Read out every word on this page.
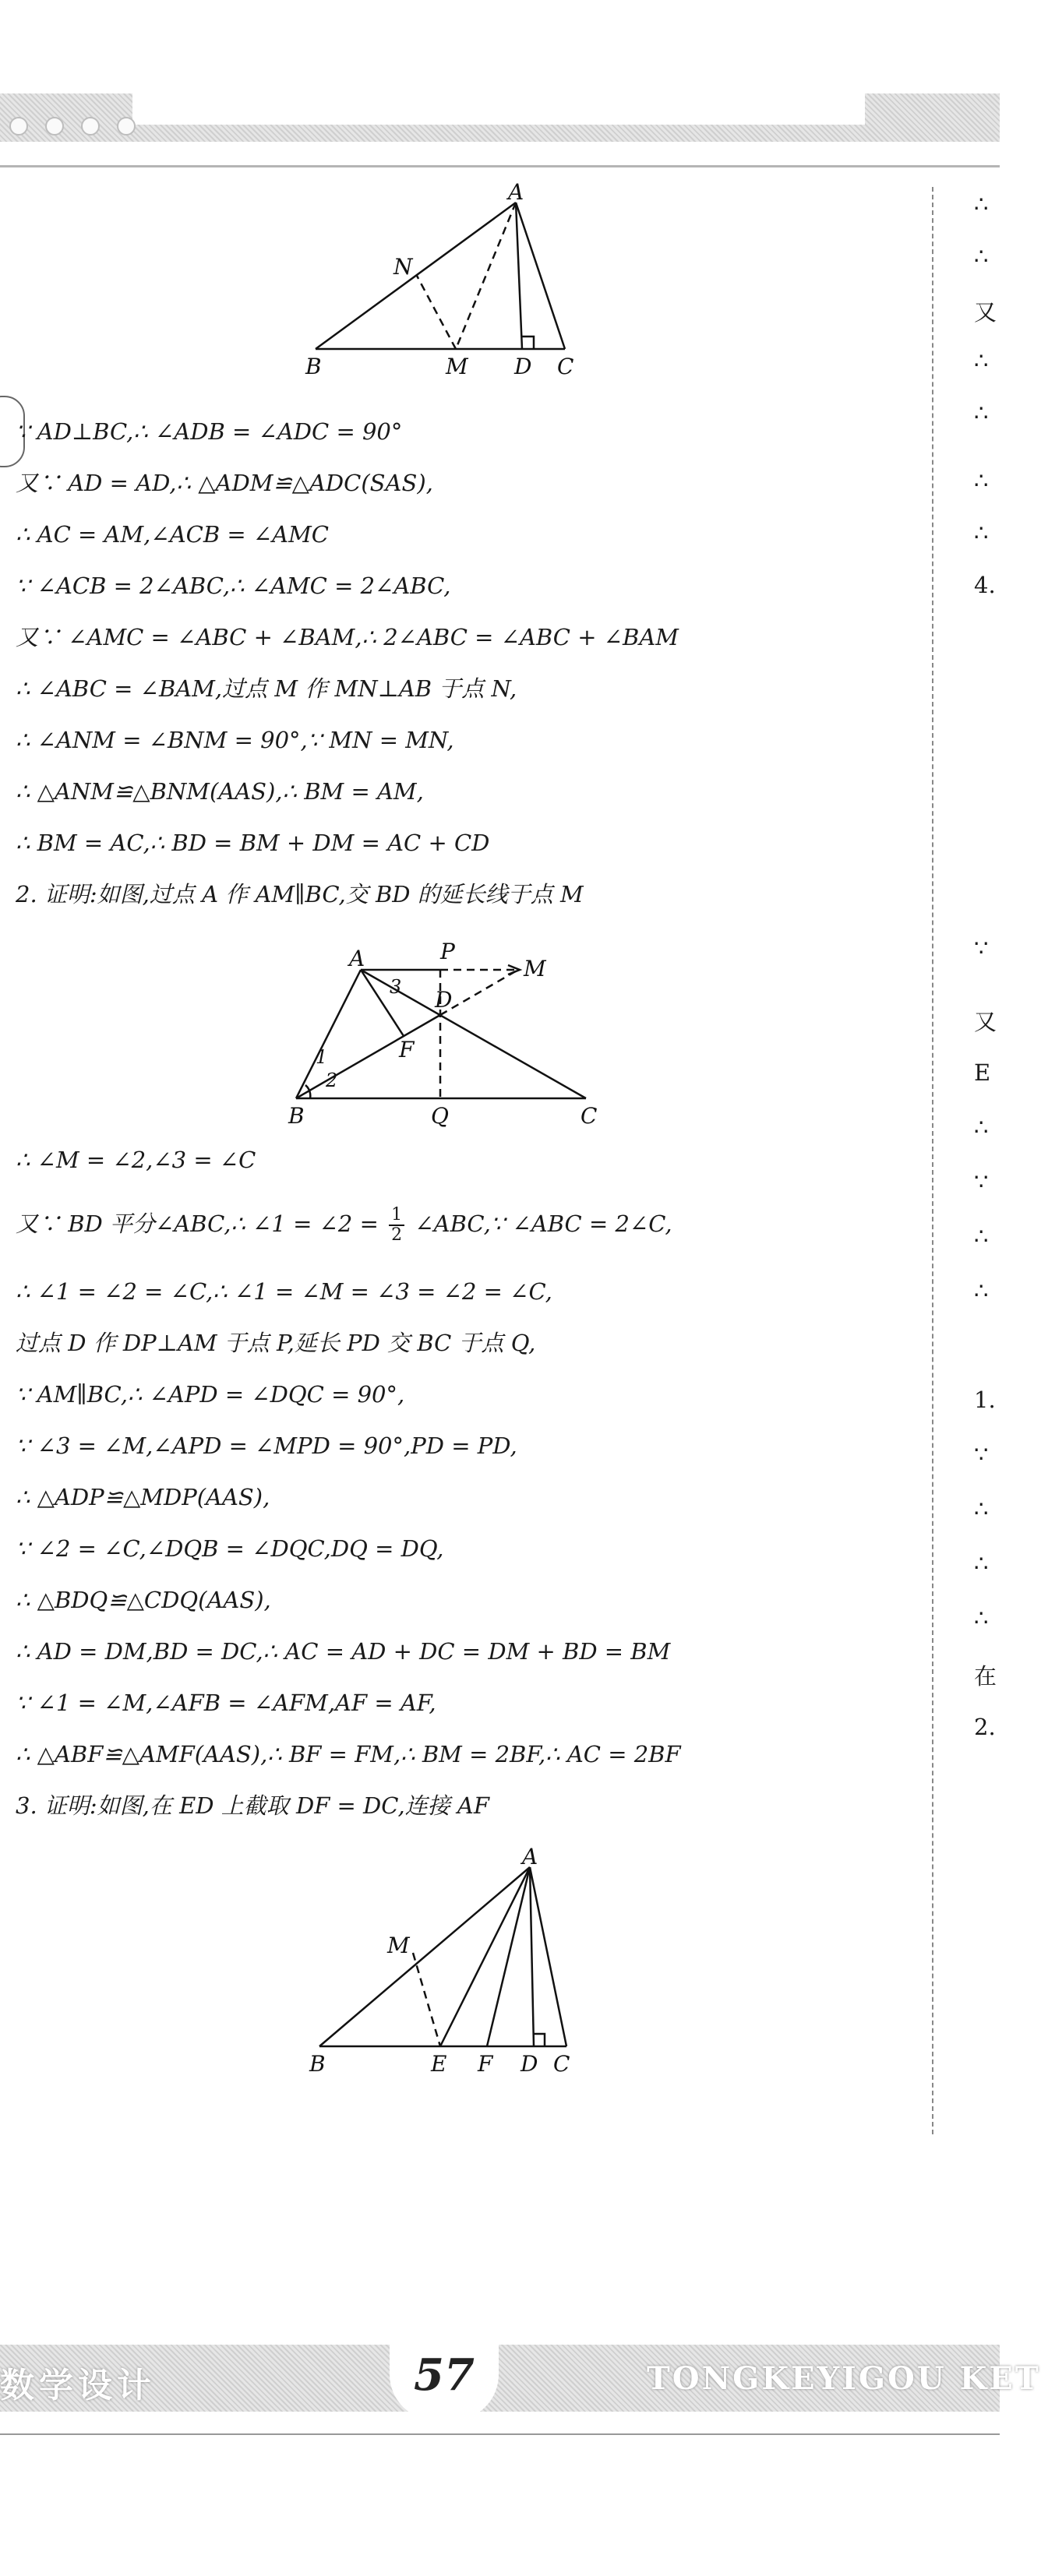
A
N
B	M D C
∵ AD⊥BC,∴ ∠ADB = ∠ADC = 90°
又∵ AD = AD,∴ △ADM≌△ADC(SAS),
∴ AC = AM,∠ACB = ∠AMC
∵ ∠ACB = 2∠ABC,∴ ∠AMC = 2∠ABC,
又∵ ∠AMC = ∠ABC + ∠BAM,∴ 2∠ABC = ∠ABC + ∠BAM
∴ ∠ABC = ∠BAM,过点 M 作 MN⊥AB 于点 N,
∴ ∠ANM = ∠BNM = 90°,∵ MN = MN,
∴ △ANM≌△BNM(AAS),∴ BM = AM,
∴ BM = AC,∴ BD = BM + DM = AC + CD
2. 证明:如图,过点 A 作 AM∥BC,交 BD 的延长线于点 M
A	P
M
D
F
B	Q	C
1
2
3
∴ ∠M = ∠2,∠3 = ∠C
又∵ BD 平分∠ABC,∴ ∠1 = ∠2 = $\frac{1}{2}$ ∠ABC,∵ ∠ABC = 2∠C,
∴ ∠1 = ∠2 = ∠C,∴ ∠1 = ∠M = ∠3 = ∠2 = ∠C,
过点 D 作 DP⊥AM 于点 P,延长 PD 交 BC 于点 Q,
∵ AM∥BC,∴ ∠APD = ∠DQC = 90°,
∵ ∠3 = ∠M,∠APD = ∠MPD = 90°,PD = PD,
∴ △ADP≌△MDP(AAS),
∵ ∠2 = ∠C,∠DQB = ∠DQC,DQ = DQ,
∴ △BDQ≌△CDQ(AAS),
∴ AD = DM,BD = DC,∴ AC = AD + DC = DM + BD = BM
∵ ∠1 = ∠M,∠AFB = ∠AFM,AF = AF,
∴ △ABF≌△AMF(AAS),∴ BF = FM,∴ BM = 2BF,∴ AC = 2BF
3. 证明:如图,在 ED 上截取 DF = DC,连接 AF
A
M
B	E F D C
∴
∴
又
∴
∴
∴
∴
4.
∵
又
E
∴
∵
∴
∴
1.
∵
∴
∴
∴
在
2.
数学设计	TONGKEYIGOU KET
57
